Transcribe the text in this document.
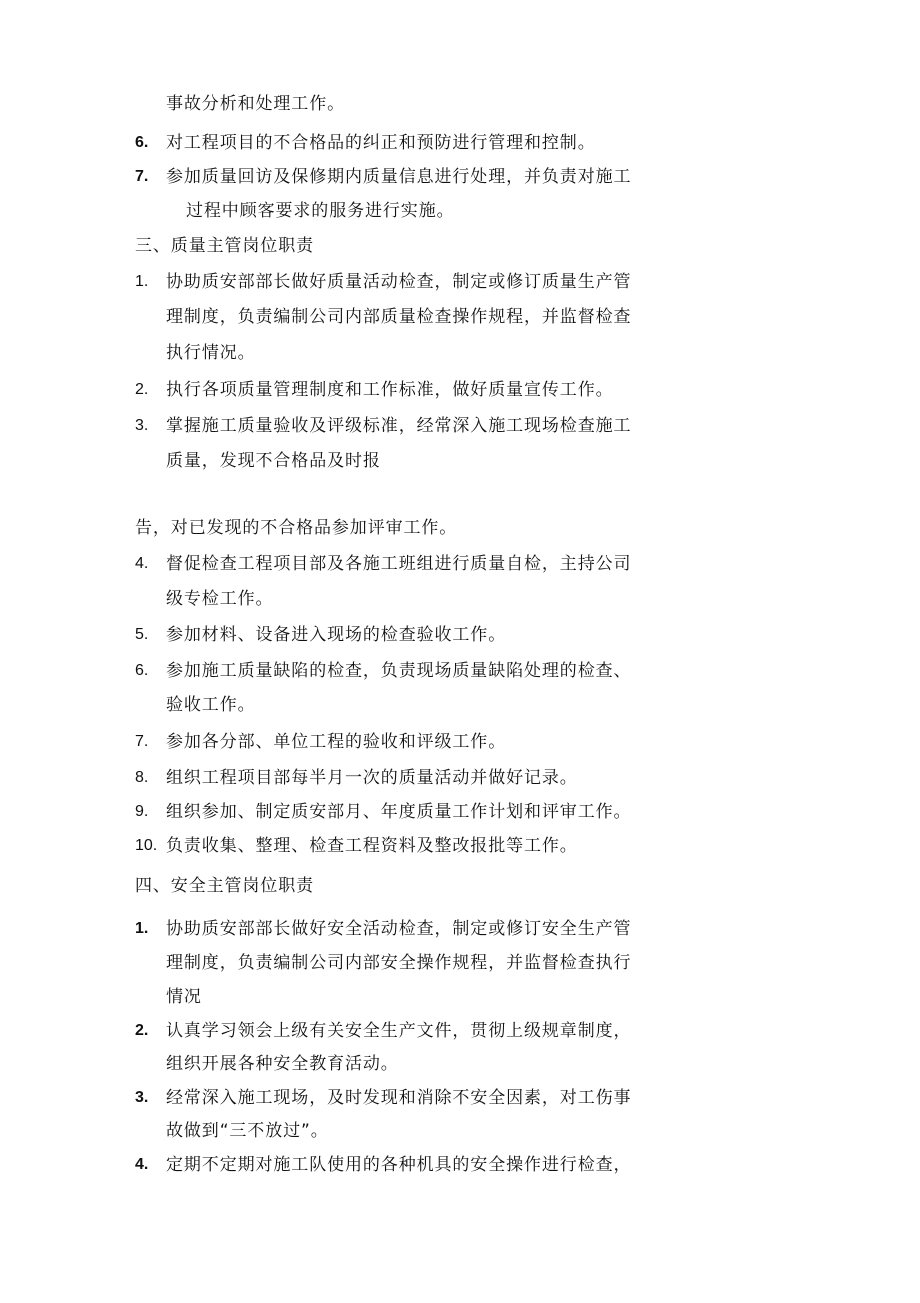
事故分析和处理工作。
6.	对工程项目的不合格品的纠正和预防进行管理和控制。
7.	参加质量回访及保修期内质量信息进行处理，并负责对施工
过程中顾客要求的服务进行实施。
三、质量主管岗位职责
1.	协助质安部部长做好质量活动检查，制定或修订质量生产管
理制度，负责编制公司内部质量检查操作规程，并监督检查
执行情况。
2.	执行各项质量管理制度和工作标准，做好质量宣传工作。
3.	掌握施工质量验收及评级标准，经常深入施工现场检查施工
质量，发现不合格品及时报
告，对已发现的不合格品参加评审工作。
4.	督促检查工程项目部及各施工班组进行质量自检，主持公司
级专检工作。
5.	参加材料、设备进入现场的检查验收工作。
6.	参加施工质量缺陷的检查，负责现场质量缺陷处理的检查、
验收工作。
7.	参加各分部、单位工程的验收和评级工作。
8.	组织工程项目部每半月一次的质量活动并做好记录。
9.	组织参加、制定质安部月、年度质量工作计划和评审工作。
10. 负责收集、整理、检查工程资料及整改报批等工作。
四、安全主管岗位职责
1.	协助质安部部长做好安全活动检查，制定或修订安全生产管
理制度，负责编制公司内部安全操作规程，并监督检查执行
情况
2.	认真学习领会上级有关安全生产文件，贯彻上级规章制度，
组织开展各种安全教育活动。
3.	经常深入施工现场，及时发现和消除不安全因素，对工伤事
故做到“三不放过”。
4.	定期不定期对施工队使用的各种机具的安全操作进行检查，
